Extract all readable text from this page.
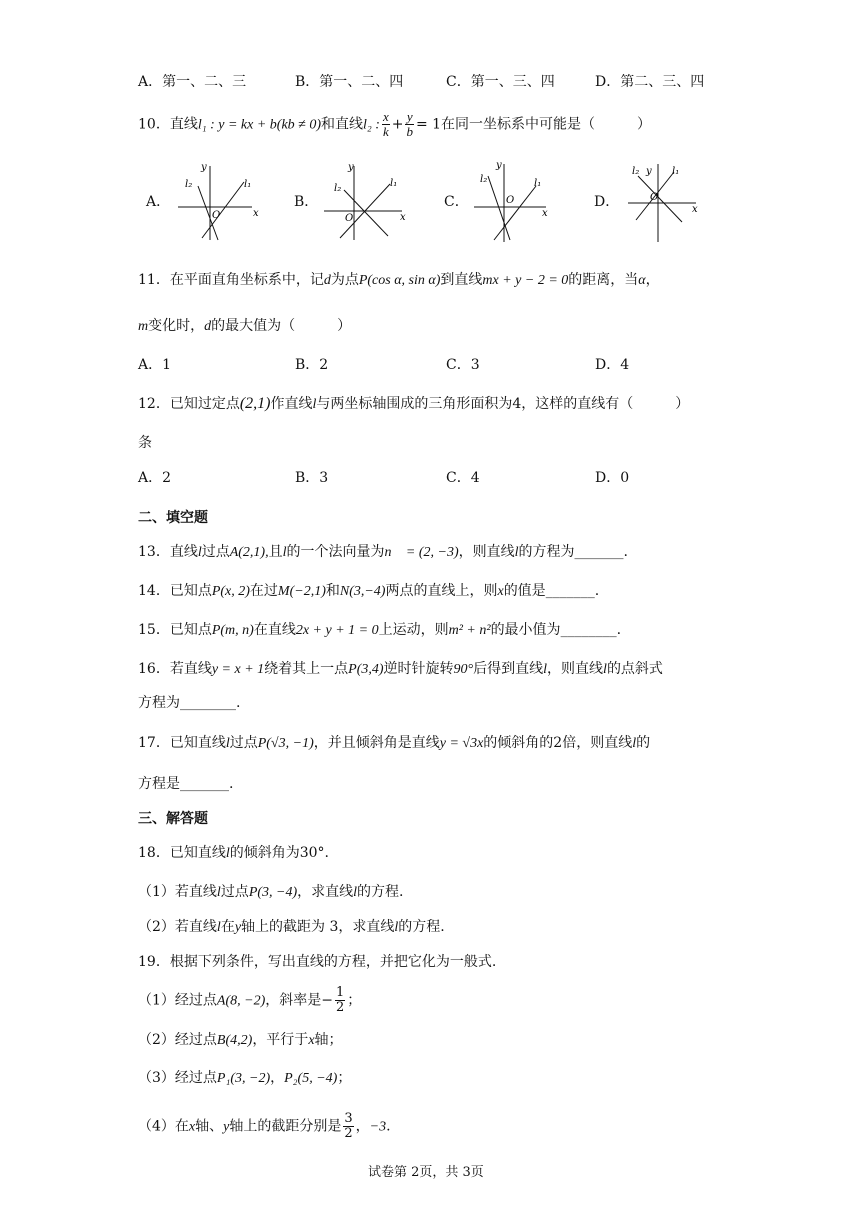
A．第一、二、三	B．第一、二、四	C．第一、三、四	D．第二、三、四
10．直线l₁ : y = kx + b(kb ≠ 0)和直线l₂ : $\frac{x}{k} + \frac{y}{b} = 1$在同一坐标系中可能是（　　　）
A．	B．	C．	D．
y
x
O
l₂	l₁
y
x
O
l₂	l₁
y
x
O
l₂	l₁
y
x
O
l₂	l₁
11．在平面直角坐标系中，记d为点P(cos α, sin α)到直线mx + y − 2 = 0的距离，当α，
m变化时，d的最大值为（　　　）
A．1	B．2	C．3	D．4
12．已知过定点(2,1)作直线l与两坐标轴围成的三角形面积为4，这样的直线有（　　　）
条
A．2	B．3	C．4	D．0
二、填空题
13．直线l过点A(2,1),且l的一个法向量为n⃗ = (2, −3)，则直线l的方程为_______.
14．已知点P(x, 2)在过M(−2,1)和N(3,−4)两点的直线上，则x的值是_______.
15．已知点P(m, n)在直线2x + y + 1 = 0上运动，则m² + n²的最小值为________.
16．若直线y = x + 1绕着其上一点P(3,4)逆时针旋转90°后得到直线l，则直线l的点斜式
方程为________.
17．已知直线l过点P(√3, −1)，并且倾斜角是直线y = √3x的倾斜角的2倍，则直线l的
方程是_______.
三、解答题
18．已知直线l的倾斜角为30°.
（1）若直线l过点P(3, −4)，求直线l的方程.
（2）若直线l在y轴上的截距为 3，求直线l的方程.
19．根据下列条件，写出直线的方程，并把它化为一般式.
（1）经过点A(8, −2)，斜率是− $\frac{1}{2}$ ；
（2）经过点B(4,2)，平行于x轴；
（3）经过点P₁(3, −2)，P₂(5, −4)；
（4）在x轴、y轴上的截距分别是 $\frac{3}{2}$ ，−3.
试卷第 2页，共 3页
